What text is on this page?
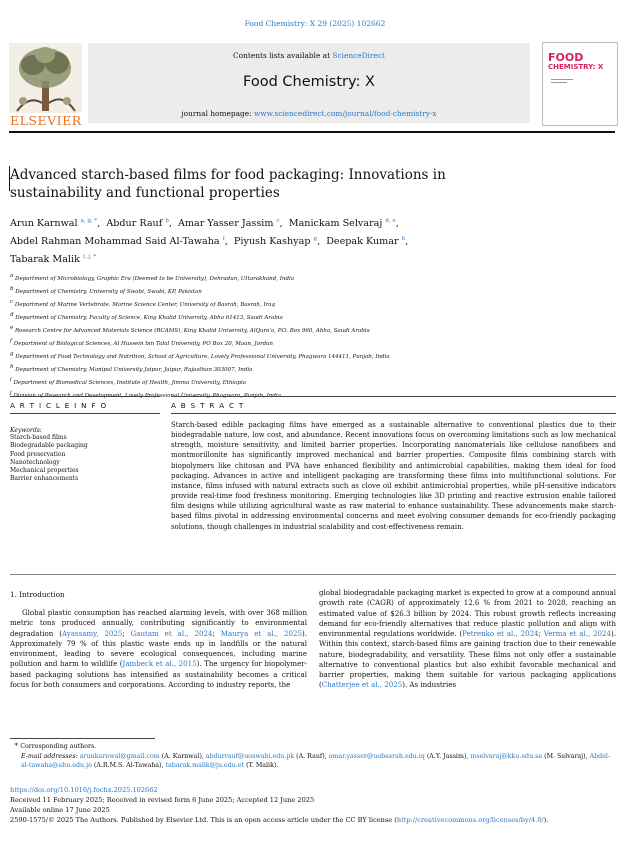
Food Chemistry: X 29 (2025) 102662
ELSEVIER
Contents lists available at ScienceDirect
Food Chemistry: X
journal homepage: www.sciencedirect.com/journal/food-chemistry-x
FOOD
CHEMISTRY: X
Advanced starch-based films for food packaging: Innovations in sustainability and functional properties
Arun Karnwal $^{a, g, *}$,  Abdur Rauf $^b$,  Amar Yasser Jassim $^c$,  Manickam Selvaraj $^{d, e}$,
Abdel Rahman Mohammad Said Al-Tawaha $^f$,  Piyush Kashyap $^g$,  Deepak Kumar $^h$,
Tabarak Malik $^{i, j, *}$
$^a$ Department of Microbiology, Graphic Era (Deemed to be University), Dehradun, Uttarakhand, India
$^b$ Department of Chemistry, University of Swabi, Swabi, KP, Pakistan
$^c$ Department of Marine Vertebrate, Marine Science Center, University of Basrah, Basrah, Iraq
$^d$ Department of Chemistry, Faculty of Science, King Khalid University, Abha 61413, Saudi Arabia
$^e$ Research Centre for Advanced Materials Science (RCAMS), King Khalid University, AlQura'a, P.O. Box 960, Abha, Saudi Arabia
$^f$ Department of Biological Sciences, Al Hussein bin Talal University, PO Box 20, Maan, Jordan
$^g$ Department of Food Technology and Nutrition, School of Agriculture, Lovely Professional University, Phagwara 144411, Punjab, India
$^h$ Department of Chemistry, Manipal University Jaipur, Jaipur, Rajasthan 303007, India
$^i$ Department of Biomedical Sciences, Institute of Health, Jimma University, Ethiopia
$^j$	Professional
A R T I C L E I N F O	A B S T R A C T
Keywords:
Starch-based films
Biodegradable packaging
Food preservation
Nanotechnology
Mechanical properties
Barrier enhancements
Starch-based edible packaging films have emerged as a sustainable alternative to conventional plastics due to their biodegradable nature, low cost, and abundance. Recent innovations focus on overcoming limitations such as low mechanical strength, moisture sensitivity, and limited barrier properties. Incorporating nanomaterials like cellulose nanofibers and montmorillonite has significantly improved mechanical and barrier properties. Composite films combining starch with biopolymers like chitosan and PVA have enhanced flexibility and antimicrobial capabilities, making them ideal for food packaging. Advances in active and intelligent packaging are transforming these films into multifunctional solutions. For instance, films infused with natural extracts such as clove oil exhibit antimicrobial properties, while pH-sensitive indicators provide real-time food freshness monitoring. Emerging technologies like 3D printing and reactive extrusion enable tailored film designs while utilizing agricultural waste as raw material to enhance sustainability. These advancements make starch-based films pivotal in addressing environmental concerns and meet evolving consumer demands for eco-friendly packaging solutions, though challenges in industrial scalability and cost-effectiveness remain.
1. Introduction
Global plastic consumption has reached alarming levels, with over 368 million metric tons produced annually, contributing significantly to environmental degradation (Ayassamy, 2025; Gautam et al., 2024; Maurya et al., 2025). Approximately 79 % of this plastic waste ends up in landfills or the natural environment, leading to severe ecological consequences, including marine pollution and harm to wildlife (Jambeck et al., 2015). The urgency for biopolymer-based packaging solutions has intensified as sustainability becomes a critical focus for both consumers and corporations. According to industry reports, the
global biodegradable packaging market is expected to grow at a compound annual growth rate (CAGR) of approximately 12.6 % from 2021 to 2028, reaching an estimated value of $26.3 billion by 2024. This robust growth reflects increasing demand for eco-friendly alternatives that reduce plastic pollution and align with environmental regulations worldwide. (Petrenko et al., 2024; Verma et al., 2024). Within this context, starch-based films are gaining traction due to their renewable nature, biodegradability, and versatility. These films not only offer a sustainable alternative to conventional plastics but also exhibit favorable mechanical and barrier properties, making them suitable for various packaging applications (Chatterjee et al., 2025). As industries
* Corresponding authors.
E-mail addresses: arunkarnwal@gmail.com (A. Karnwal), abdurrauf@uoswabi.edu.pk (A. Rauf), amar.yasser@uobasrah.edu.iq (A.Y. Jassim), mselvaraj@kku.edu.sa (M. Selvaraj), Abdel-al-tawaha@ahu.edu.jo (A.R.M.S. Al-Tawaha), tabarak.malik@ju.edu.et (T. Malik).
https://doi.org/10.1016/j.fochx.2025.102662
Received 11 February 2025; Received in revised form 6 June 2025; Accepted 12 June 2025
Available online 17 June 2025
2590-1575/© 2025 The Authors. Published by Elsevier Ltd. This is an open access article under the CC BY license (http://creativecommons.org/licenses/by/4.0/).
